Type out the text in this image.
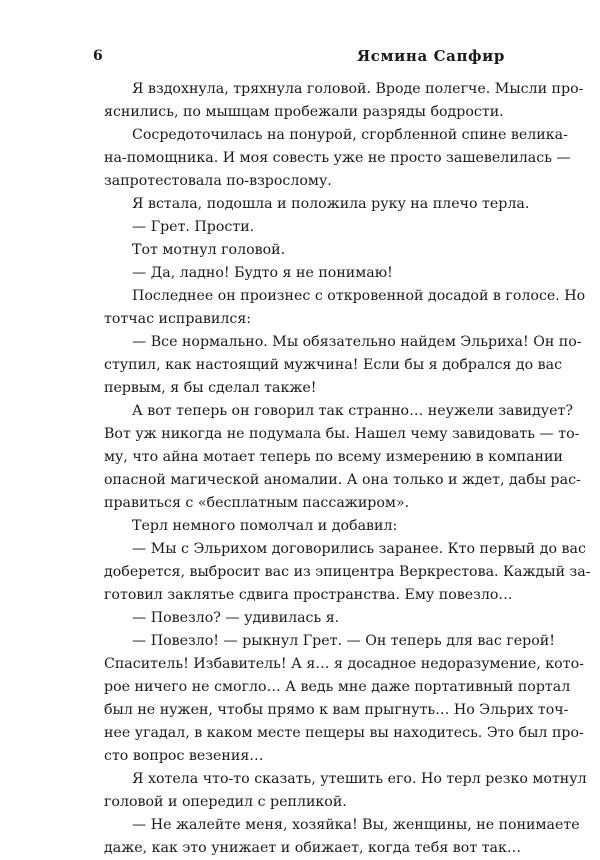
6	Ясмина Сапфир
Я вздохнула, тряхнула головой. Вроде полегче. Мысли про-
яснились, по мышцам пробежали разряды бодрости.
Сосредоточилась на понурой, сгорбленной спине велика-
на-помощника. И моя совесть уже не просто зашевелилась —
запротестовала по-взрослому.
Я встала, подошла и положила руку на плечо терла.
— Грет. Прости.
Тот мотнул головой.
— Да, ладно! Будто я не понимаю!
Последнее он произнес с откровенной досадой в голосе. Но
тотчас исправился:
— Все нормально. Мы обязательно найдем Эльриха! Он по-
ступил, как настоящий мужчина! Если бы я добрался до вас
первым, я бы сделал также!
А вот теперь он говорил так странно… неужели завидует?
Вот уж никогда не подумала бы. Нашел чему завидовать — то-
му, что айна мотает теперь по всему измерению в компании
опасной магической аномалии. А она только и ждет, дабы рас-
правиться с «бесплатным пассажиром».
Терл немного помолчал и добавил:
— Мы с Эльрихом договорились заранее. Кто первый до вас
доберется, выбросит вас из эпицентра Веркрестова. Каждый за-
готовил заклятье сдвига пространства. Ему повезло…
— Повезло? — удивилась я.
— Повезло! — рыкнул Грет. — Он теперь для вас герой!
Спаситель! Избавитель! А я… я досадное недоразумение, кото-
рое ничего не смогло… А ведь мне даже портативный портал
был не нужен, чтобы прямо к вам прыгнуть… Но Эльрих точ-
нее угадал, в каком месте пещеры вы находитесь. Это был про-
сто вопрос везения…
Я хотела что-то сказать, утешить его. Но терл резко мотнул
головой и опередил с репликой.
— Не жалейте меня, хозяйка! Вы, женщины, не понимаете
даже, как это унижает и обижает, когда тебя вот так…
